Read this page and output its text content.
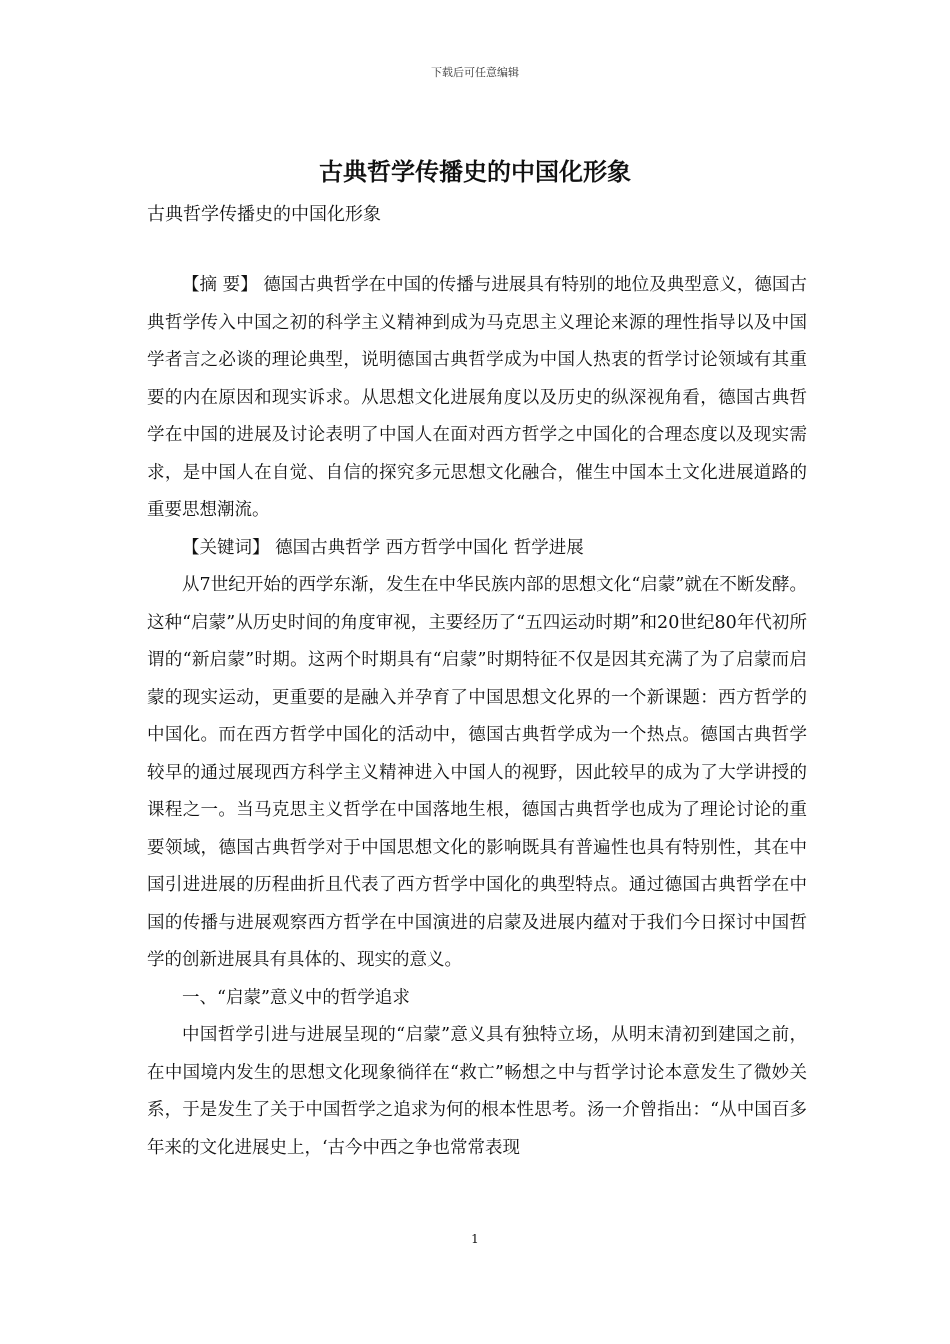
下载后可任意编辑
古典哲学传播史的中国化形象
古典哲学传播史的中国化形象

【摘 要】 德国古典哲学在中国的传播与进展具有特别的地位及典型意义，德国古典哲学传入中国之初的科学主义精神到成为马克思主义理论来源的理性指导以及中国学者言之必谈的理论典型，说明德国古典哲学成为中国人热衷的哲学讨论领域有其重要的内在原因和现实诉求。从思想文化进展角度以及历史的纵深视角看，德国古典哲学在中国的进展及讨论表明了中国人在面对西方哲学之中国化的合理态度以及现实需求，是中国人在自觉、自信的探究多元思想文化融合，催生中国本土文化进展道路的重要思想潮流。

【关键词】 德国古典哲学 西方哲学中国化 哲学进展

从7世纪开始的西学东渐，发生在中华民族内部的思想文化“启蒙”就在不断发酵。这种“启蒙”从历史时间的角度审视，主要经历了“五四运动时期”和20世纪80年代初所谓的“新启蒙”时期。这两个时期具有“启蒙”时期特征不仅是因其充满了为了启蒙而启蒙的现实运动，更重要的是融入并孕育了中国思想文化界的一个新课题：西方哲学的中国化。而在西方哲学中国化的活动中，德国古典哲学成为一个热点。德国古典哲学较早的通过展现西方科学主义精神进入中国人的视野，因此较早的成为了大学讲授的课程之一。当马克思主义哲学在中国落地生根，德国古典哲学也成为了理论讨论的重要领域，德国古典哲学对于中国思想文化的影响既具有普遍性也具有特别性，其在中国引进进展的历程曲折且代表了西方哲学中国化的典型特点。通过德国古典哲学在中国的传播与进展观察西方哲学在中国演进的启蒙及进展内蕴对于我们今日探讨中国哲学的创新进展具有具体的、现实的意义。

一、“启蒙”意义中的哲学追求

中国哲学引进与进展呈现的“启蒙”意义具有独特立场，从明末清初到建国之前，在中国境内发生的思想文化现象徜徉在“救亡”畅想之中与哲学讨论本意发生了微妙关系，于是发生了关于中国哲学之追求为何的根本性思考。汤一介曾指出：“从中国百多年来的文化进展史上，‘古今中西之争也常常表现

1
